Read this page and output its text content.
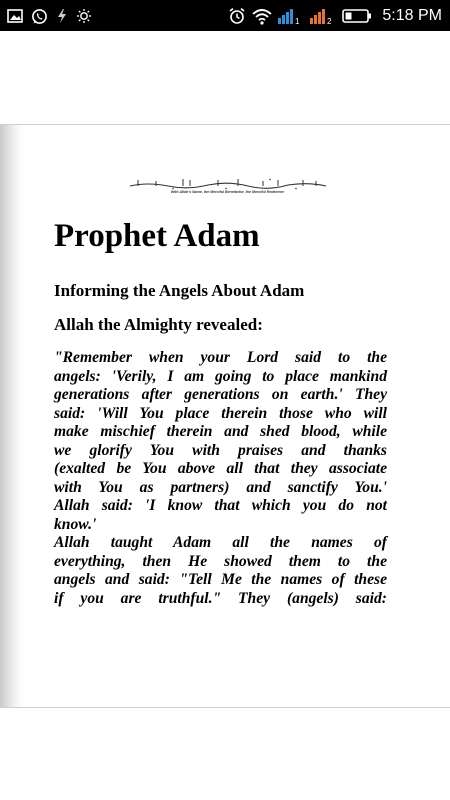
1	2	5:18 PM
With Allah's Name, the Merciful Benefactor, the Merciful Redeemer
Prophet Adam
Informing the Angels About Adam
Allah the Almighty revealed:
"Remember when your Lord said to the
angels: 'Verily, I am going to place mankind
generations after generations on earth.' They
said: 'Will You place therein those who will
make mischief therein and shed blood, while
we glorify You with praises and thanks
(exalted be You above all that they associate
with You as partners) and sanctify You.'
Allah said: 'I know that which you do not
know.'
Allah taught Adam all the names of
everything, then He showed them to the
angels and said: "Tell Me the names of these
if you are truthful." They (angels) said:
